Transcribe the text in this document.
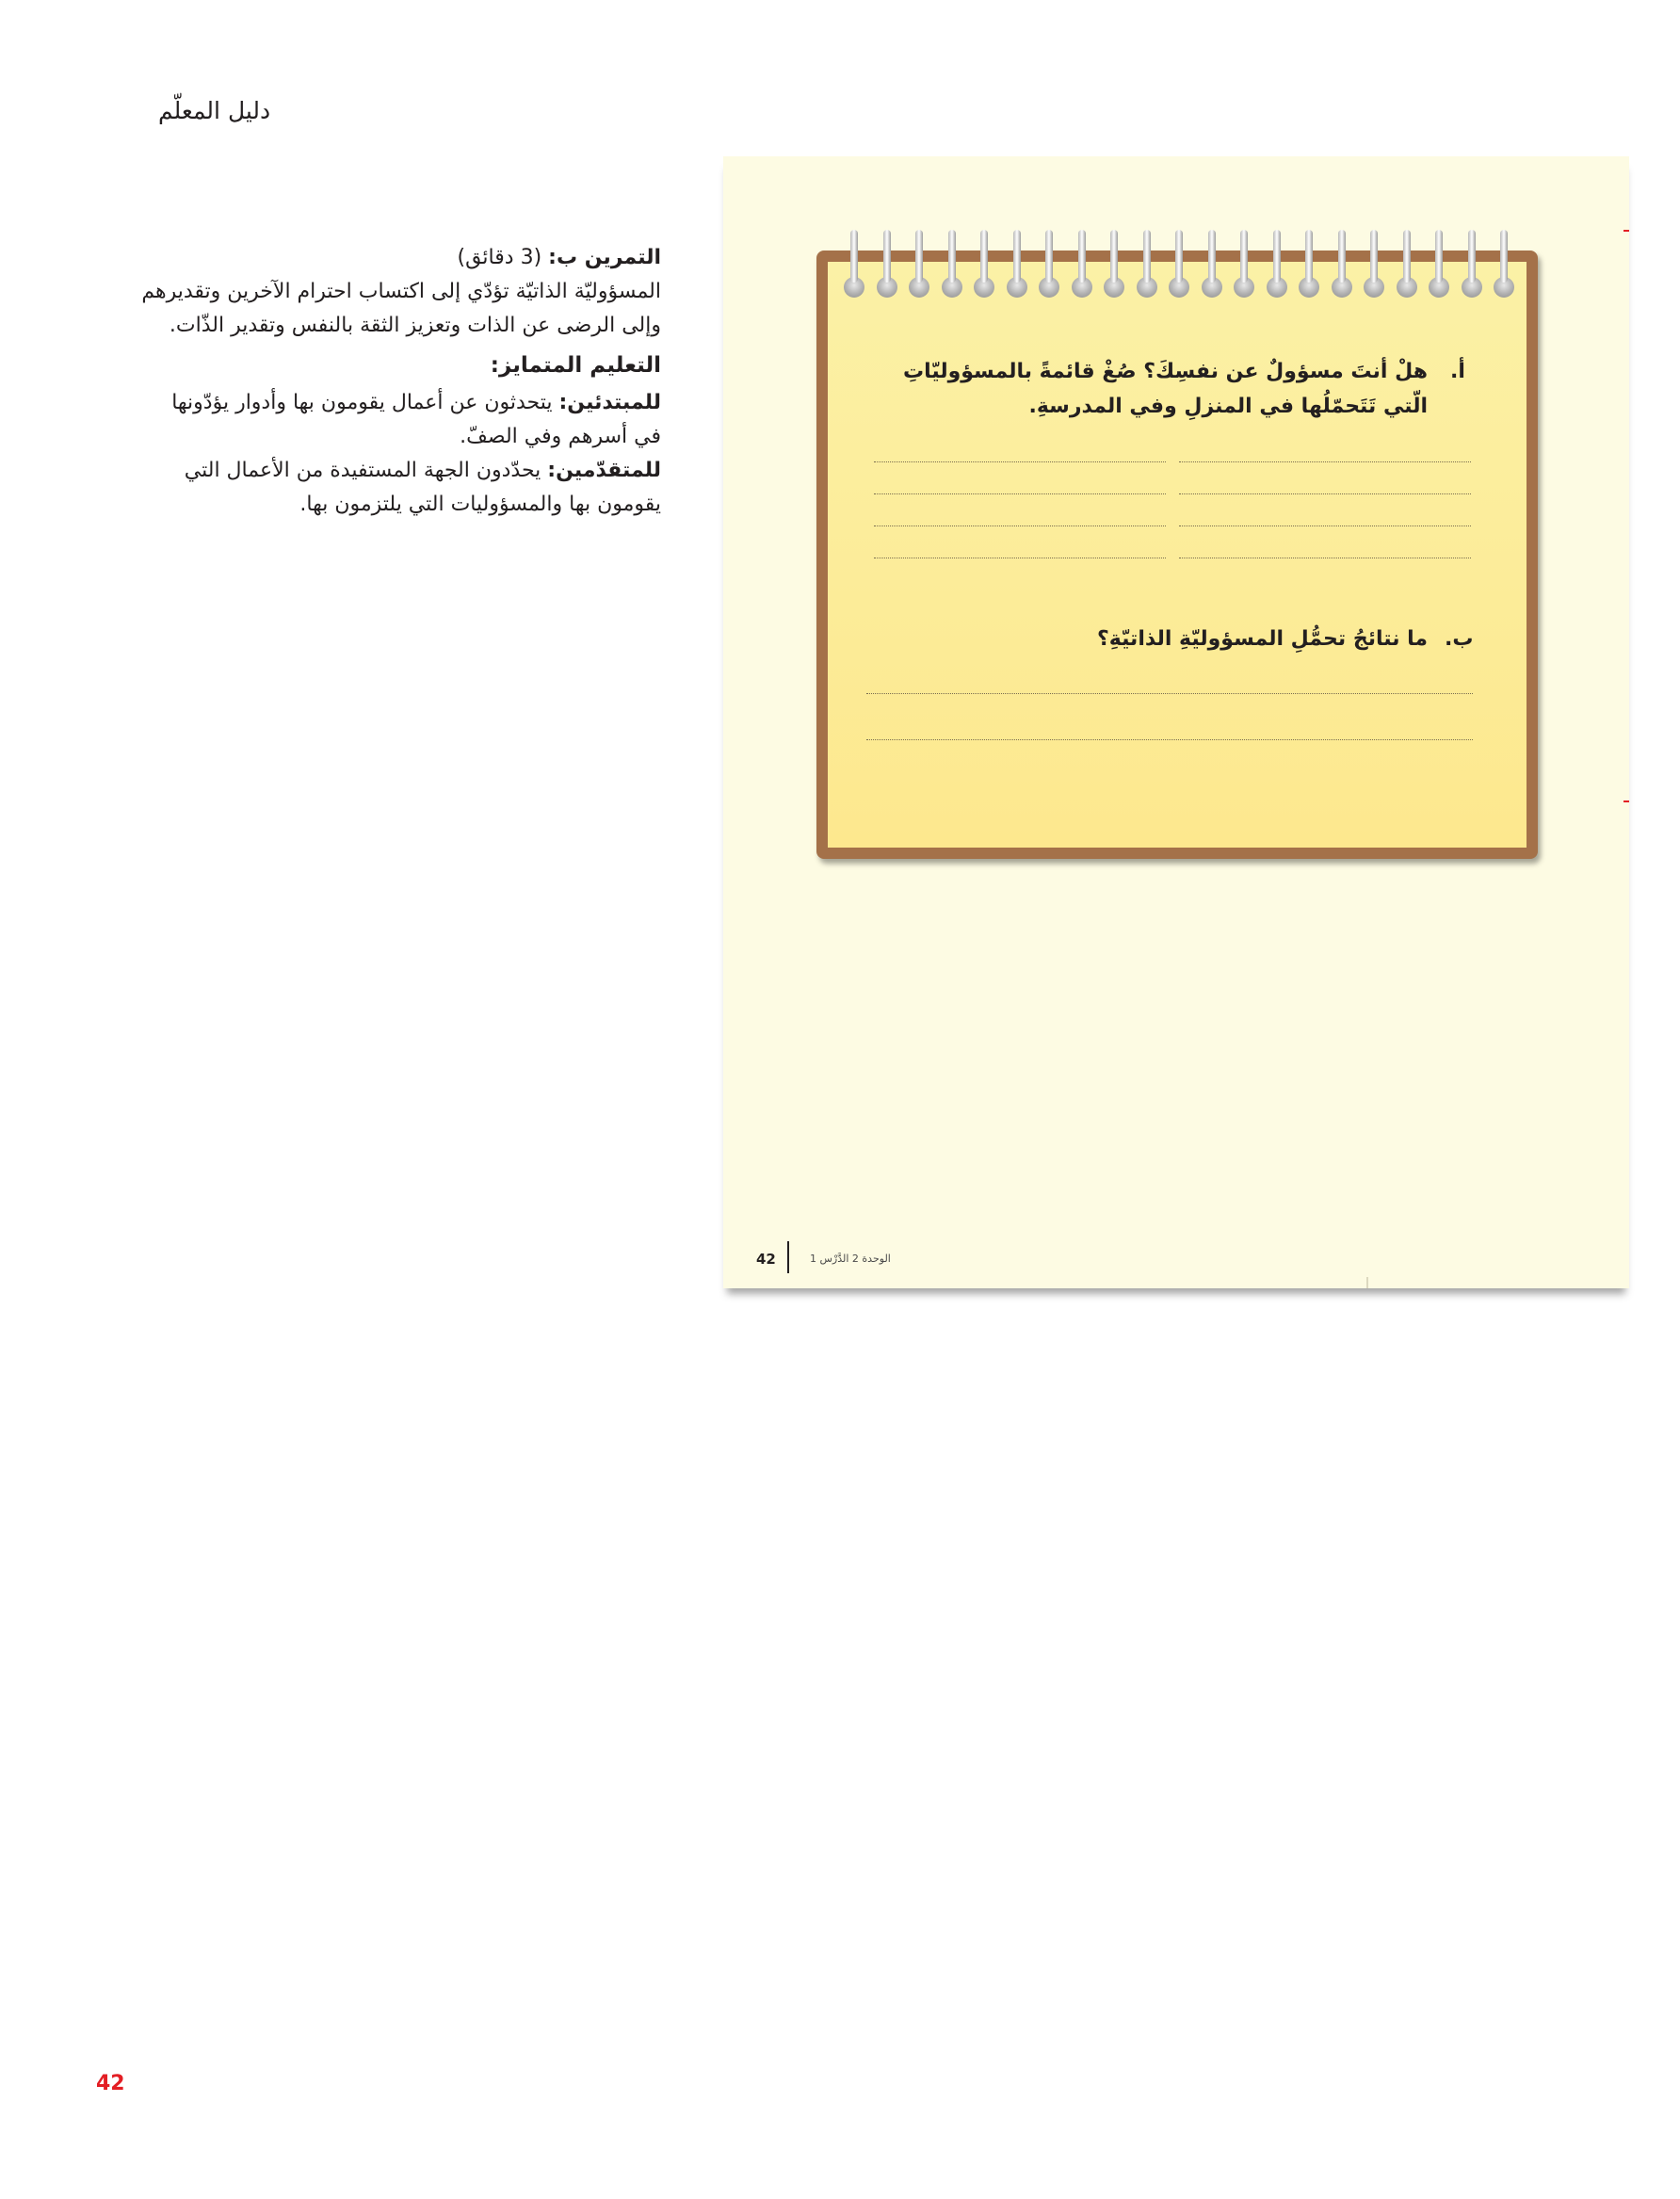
دليل المعلّم

التمرين ب: (3 دقائق)

المسؤوليّة الذاتيّة تؤدّي إلى اكتساب احترام الآخرين وتقديرهم وإلى الرضى عن الذات وتعزيز الثقة بالنفس وتقدير الذّات.

التعليم المتمايز:

للمبتدئين: يتحدثون عن أعمال يقومون بها وأدوار يؤدّونها في أسرهم وفي الصفّ.

للمتقدّمين: يحدّدون الجهة المستفيدة من الأعمال التي يقومون بها والمسؤوليات التي يلتزمون بها.

42
أ.
هلْ أنتَ مسؤولٌ عن نفسِكَ؟ صُغْ قائمةً بالمسؤوليّاتِ الّتي تَتَحمّلُها في المنزلِ وفي المدرسةِ.
ب.
ما نتائجُ تحمُّلِ المسؤوليّةِ الذاتيّةِ؟
42	الوحدة 2 الدَّرْس 1
